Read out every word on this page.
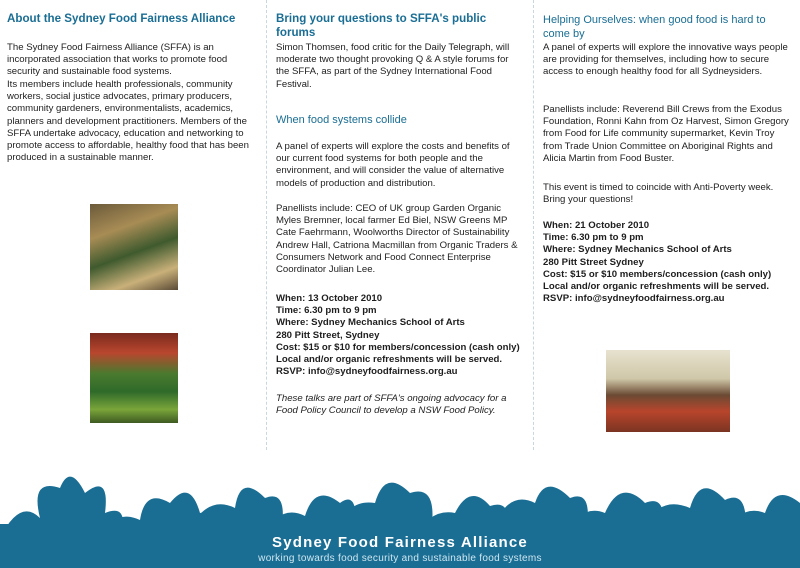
About the Sydney Food Fairness Alliance

The Sydney Food Fairness Alliance (SFFA) is an incorporated association that works to promote food security and sustainable food systems.

Its members include health professionals, community workers, social justice advocates, primary producers, community gardeners, environmentalists, academics, planners and development practitioners. Members of the SFFA undertake advocacy, education and networking to promote access to affordable, healthy food that has been produced in a sustainable manner.

Bring your questions to SFFA's public forums

Simon Thomsen, food critic for the Daily Telegraph, will moderate two thought provoking Q & A style forums for the SFFA, as part of the Sydney International Food Festival.

When food systems collide

A panel of experts will explore the costs and benefits of our current food systems for both people and the environment, and will consider the value of alternative models of production and distribution.

Panellists include: CEO of UK group Garden Organic Myles Bremner, local farmer Ed Biel, NSW Greens MP Cate Faehrmann, Woolworths Director of Sustainability Andrew Hall, Catriona Macmillan from Organic Traders & Consumers Network and Food Connect Enterprise Coordinator Julian Lee.

When: 13 October 2010
Time: 6.30 pm to 9 pm
Where: Sydney Mechanics School of Arts
280 Pitt Street, Sydney
Cost: $15 or $10 for members/concession (cash only)
Local and/or organic refreshments will be served.
RSVP: info@sydneyfoodfairness.org.au

These talks are part of SFFA's ongoing advocacy for a Food Policy Council to develop a NSW Food Policy.

Helping Ourselves: when good food is hard to come by

A panel of experts will explore the innovative ways people are providing for themselves, including how to secure access to enough healthy food for all Sydneysiders.

Panellists include: Reverend Bill Crews from the Exodus Foundation, Ronni Kahn from Oz Harvest, Simon Gregory from Food for Life community supermarket, Kevin Troy from Trade Union Committee on Aboriginal Rights and Alicia Martin from Food Buster.

This event is timed to coincide with Anti-Poverty week. Bring your questions!

When: 21 October 2010
Time: 6.30 pm to 9 pm
Where: Sydney Mechanics School of Arts
280 Pitt Street Sydney
Cost: $15 or $10 members/concession (cash only)
Local and/or organic refreshments will be served.
RSVP: info@sydneyfoodfairness.org.au
Sydney Food Fairness Alliance
working towards food security and sustainable food systems
